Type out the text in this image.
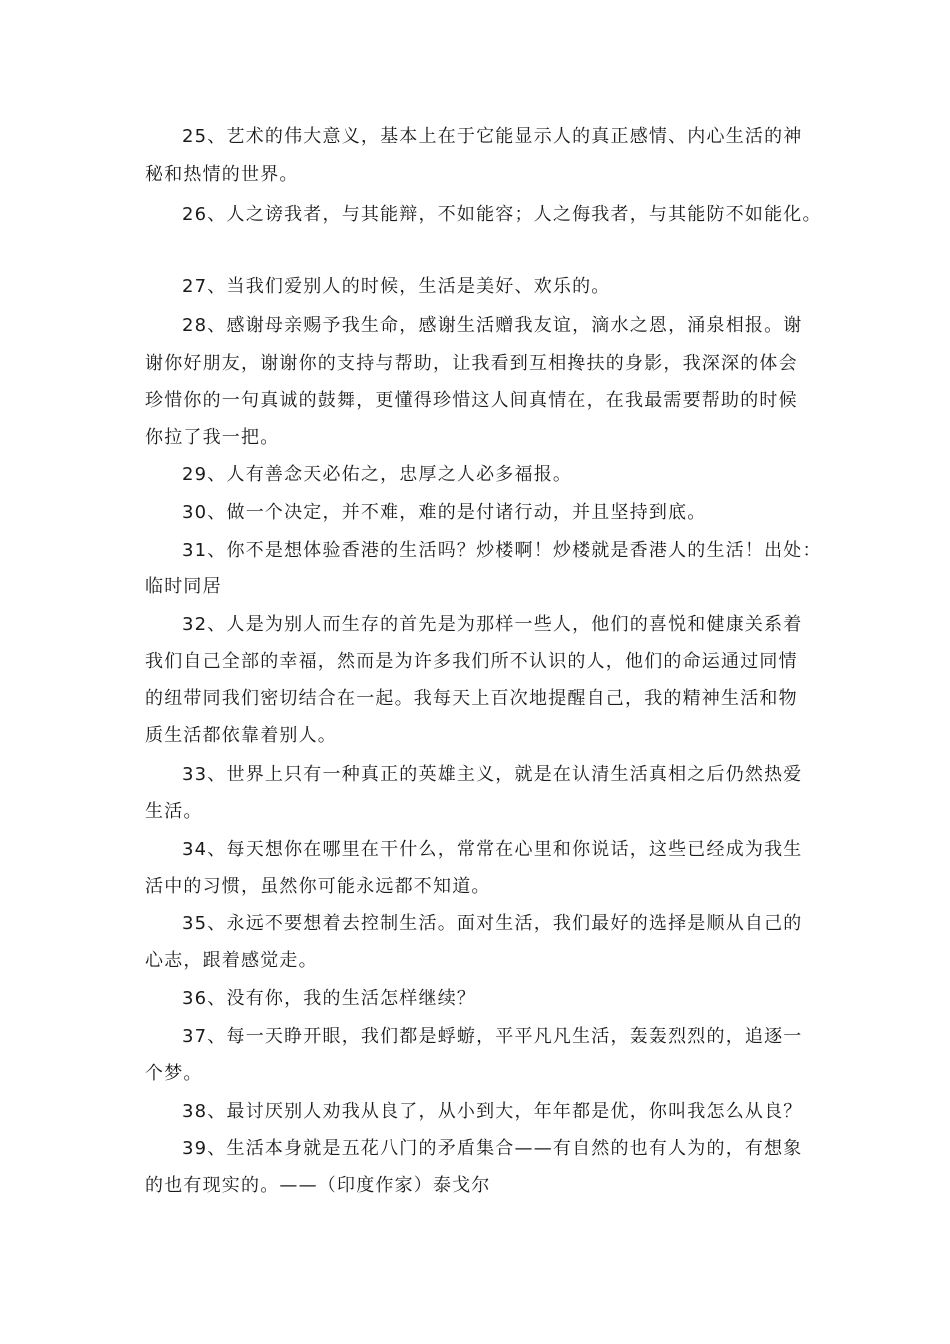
25、艺术的伟大意义，基本上在于它能显示人的真正感情、内心生活的神
秘和热情的世界。
26、人之谤我者，与其能辩，不如能容；人之侮我者，与其能防不如能化。
27、当我们爱别人的时候，生活是美好、欢乐的。
28、感谢母亲赐予我生命，感谢生活赠我友谊，滴水之恩，涌泉相报。谢
谢你好朋友，谢谢你的支持与帮助，让我看到互相搀扶的身影，我深深的体会
珍惜你的一句真诚的鼓舞，更懂得珍惜这人间真情在，在我最需要帮助的时候
你拉了我一把。
29、人有善念天必佑之，忠厚之人必多福报。
30、做一个决定，并不难，难的是付诸行动，并且坚持到底。
31、你不是想体验香港的生活吗？炒楼啊！炒楼就是香港人的生活！出处：
临时同居
32、人是为别人而生存的首先是为那样一些人，他们的喜悦和健康关系着
我们自己全部的幸福，然而是为许多我们所不认识的人，他们的命运通过同情
的纽带同我们密切结合在一起。我每天上百次地提醒自己，我的精神生活和物
质生活都依靠着别人。
33、世界上只有一种真正的英雄主义，就是在认清生活真相之后仍然热爱
生活。
34、每天想你在哪里在干什么，常常在心里和你说话，这些已经成为我生
活中的习惯，虽然你可能永远都不知道。
35、永远不要想着去控制生活。面对生活，我们最好的选择是顺从自己的
心志，跟着感觉走。
36、没有你，我的生活怎样继续？
37、每一天睁开眼，我们都是蜉蝣，平平凡凡生活，轰轰烈烈的，追逐一
个梦。
38、最讨厌别人劝我从良了，从小到大，年年都是优，你叫我怎么从良？
39、生活本身就是五花八门的矛盾集合——有自然的也有人为的，有想象
的也有现实的。——（印度作家）泰戈尔
